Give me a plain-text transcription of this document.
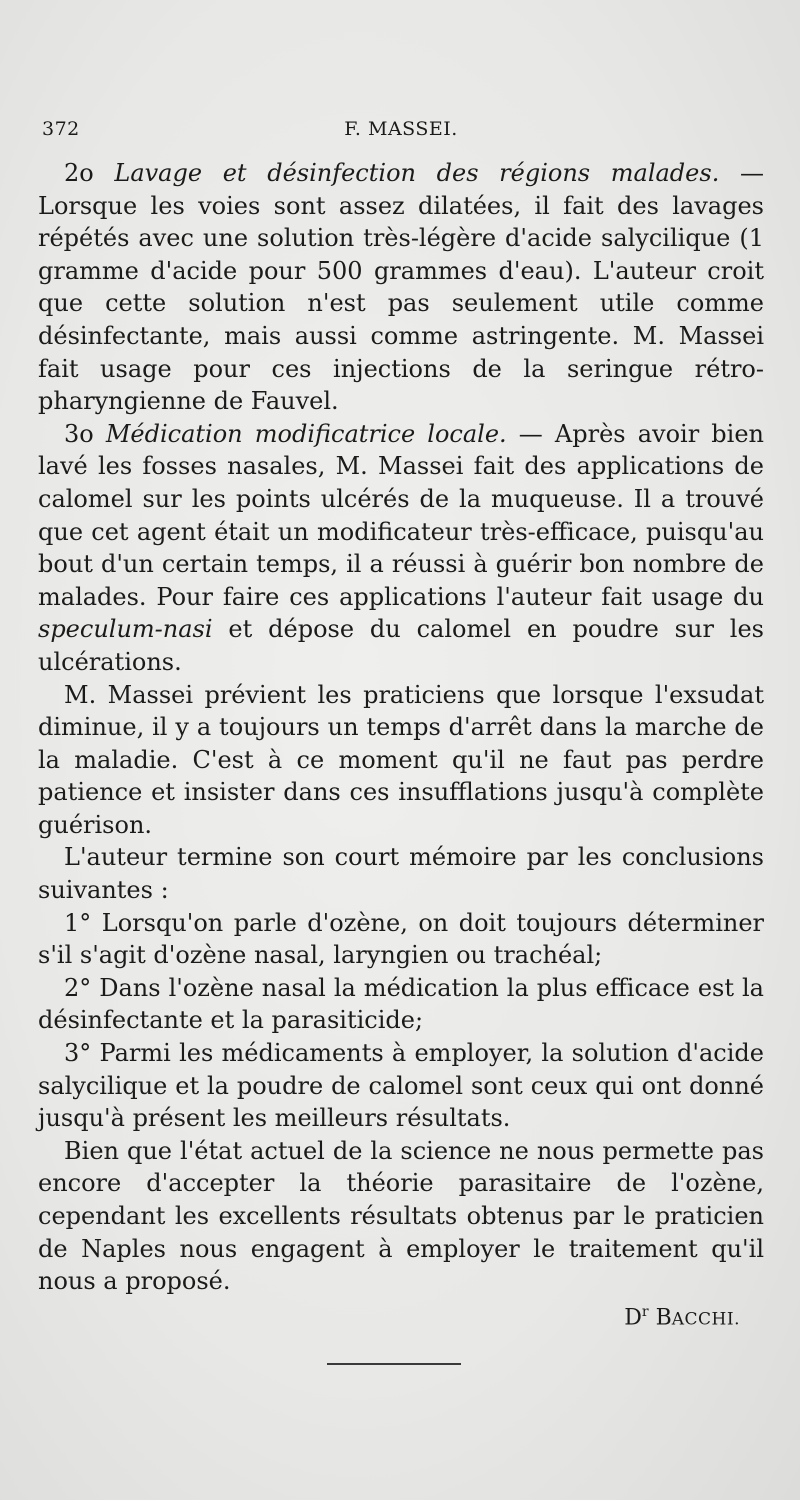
372	F. MASSEI.

2o Lavage et désinfection des régions malades. — Lorsque les voies sont assez dilatées, il fait des lavages répétés avec une solution très-légère d'acide salycilique (1 gramme d'acide pour 500 grammes d'eau). L'auteur croit que cette solution n'est pas seulement utile comme désinfectante, mais aussi comme astringente. M. Massei fait usage pour ces injections de la seringue rétro-pharyngienne de Fauvel.

3o Médication modificatrice locale. — Après avoir bien lavé les fosses nasales, M. Massei fait des applications de calomel sur les points ulcérés de la muqueuse. Il a trouvé que cet agent était un modificateur très-efficace, puisqu'au bout d'un certain temps, il a réussi à guérir bon nombre de malades. Pour faire ces applications l'auteur fait usage du speculum-nasi et dépose du calomel en poudre sur les ulcérations.

M. Massei prévient les praticiens que lorsque l'exsudat diminue, il y a toujours un temps d'arrêt dans la marche de la maladie. C'est à ce moment qu'il ne faut pas perdre patience et insister dans ces insufflations jusqu'à complète guérison.

L'auteur termine son court mémoire par les conclusions suivantes :

1° Lorsqu'on parle d'ozène, on doit toujours déterminer s'il s'agit d'ozène nasal, laryngien ou trachéal;

2° Dans l'ozène nasal la médication la plus efficace est la désinfectante et la parasiticide;

3° Parmi les médicaments à employer, la solution d'acide salycilique et la poudre de calomel sont ceux qui ont donné jusqu'à présent les meilleurs résultats.

Bien que l'état actuel de la science ne nous permette pas encore d'accepter la théorie parasitaire de l'ozène, cependant les excellents résultats obtenus par le praticien de Naples nous engagent à employer le traitement qu'il nous a proposé.

$D^r$ BACCHI.
